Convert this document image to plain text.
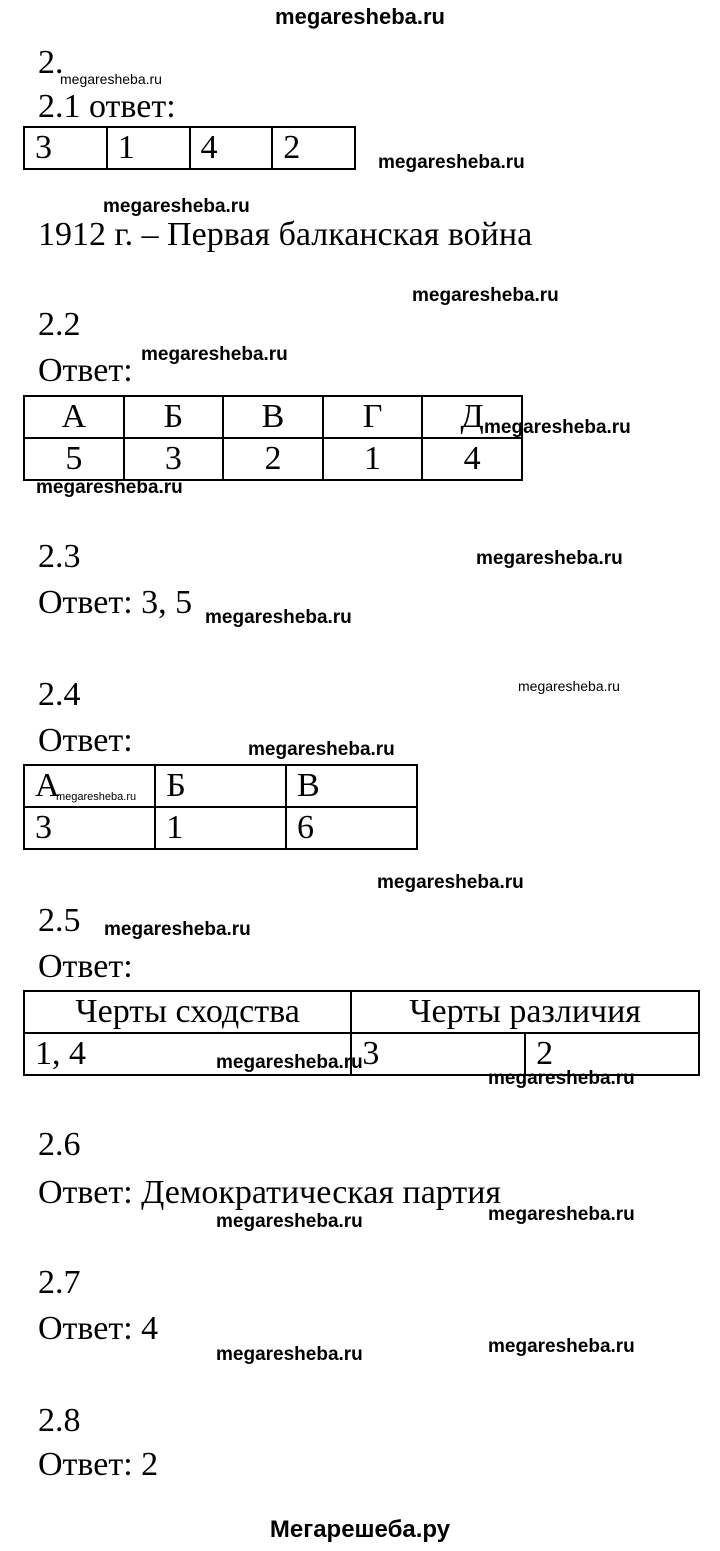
megaresheba.ru
2.
megaresheba.ru
2.1 ответ:
3	1	4	2	megaresheba.ru
megaresheba.ru
1912 г. – Первая балканская война
megaresheba.ru
2.2
Ответ: megaresheba.ru
А	Б	В	Г	Д
5	3	2	1	4
megaresheba.ru
megaresheba.ru
2.3	megaresheba.ru
Ответ: 3, 5 megaresheba.ru
2.4	megaresheba.ru
Ответ:	megaresheba.ru
А	Б	В
3	1	6
megaresheba.ru
megaresheba.ru
2.5 megaresheba.ru
Ответ:
Черты сходства	Черты различия	
1, 4	3	2
megaresheba.ru
megaresheba.ru
2.6
Ответ: Демократическая партия
megaresheba.ru
megaresheba.ru
2.7
Ответ: 4	megaresheba.ru
megaresheba.ru
2.8
Ответ: 2
Мегарешеба.ру
